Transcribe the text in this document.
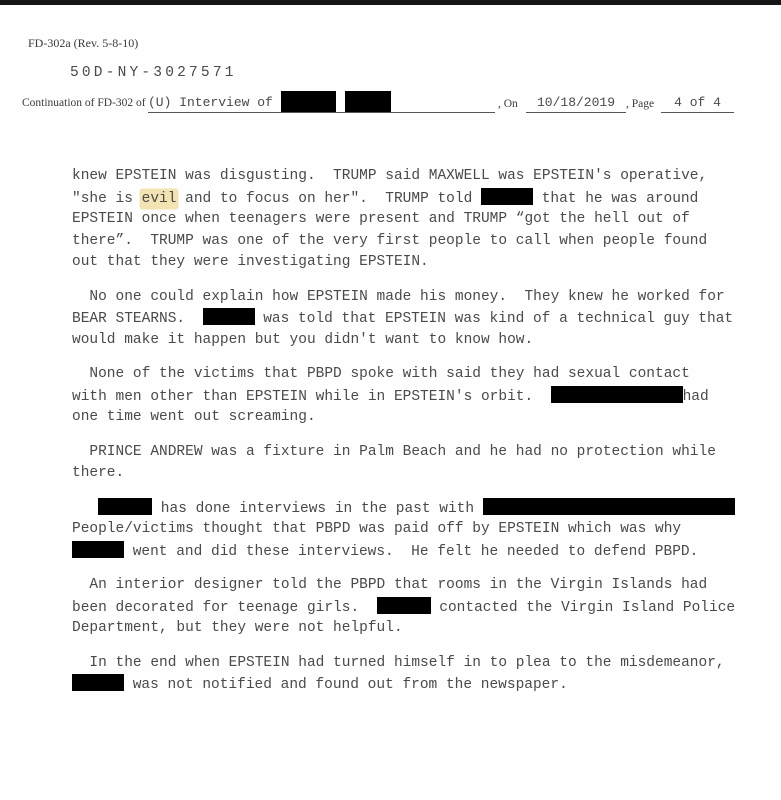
FD-302a (Rev. 5-8-10)
50D-NY-3027571
Continuation of FD-302 of (U) Interview of	, On 10/18/2019 , Page 4 of 4
knew EPSTEIN was disgusting.  TRUMP said MAXWELL was EPSTEIN's operative,
"she is evil and to focus on her".  TRUMP told	that he was around
EPSTEIN once when teenagers were present and TRUMP “got the hell out of
there”.  TRUMP was one of the very first people to call when people found
out that they were investigating EPSTEIN.
No one could explain how EPSTEIN made his money.  They knew he worked for
BEAR STEARNS.	was told that EPSTEIN was kind of a technical guy that
would make it happen but you didn't want to know how.
None of the victims that PBPD spoke with said they had sexual contact
with men other than EPSTEIN while in EPSTEIN's orbit.	had
one time went out screaming.
PRINCE ANDREW was a fixture in Palm Beach and he had no protection while
there.
has done interviews in the past with
People/victims thought that PBPD was paid off by EPSTEIN which was why
went and did these interviews.  He felt he needed to defend PBPD.
An interior designer told the PBPD that rooms in the Virgin Islands had
been decorated for teenage girls.	contacted the Virgin Island Police
Department, but they were not helpful.
In the end when EPSTEIN had turned himself in to plea to the misdemeanor,
was not notified and found out from the newspaper.
